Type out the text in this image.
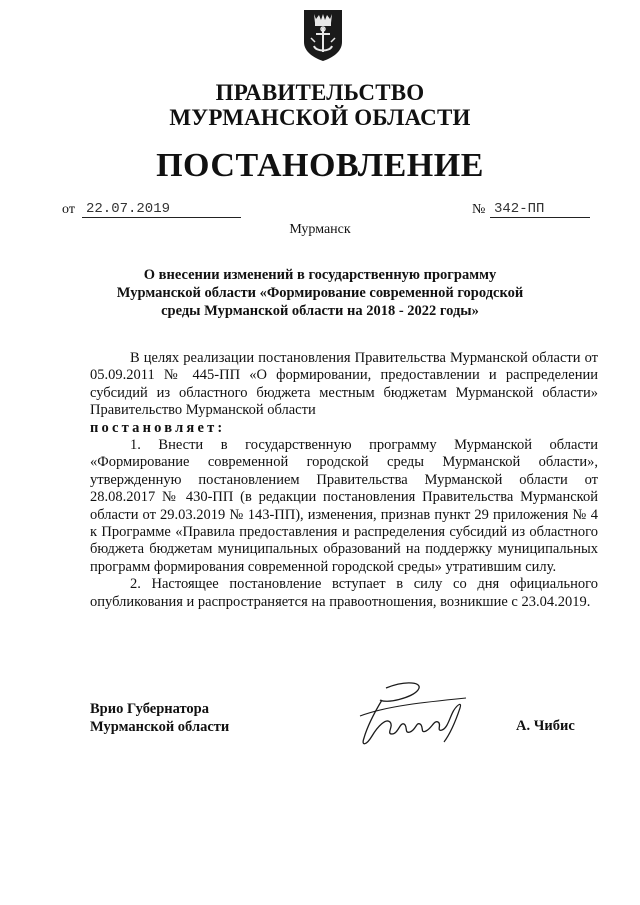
ПРАВИТЕЛЬСТВО
МУРМАНСКОЙ ОБЛАСТИ
ПОСТАНОВЛЕНИЕ
от 22.07.2019	№ 342-ПП
Мурманск
О внесении изменений в государственную программу Мурманской области «Формирование современной городской среды Мурманской области на 2018 - 2022 годы»

В целях реализации постановления Правительства Мурманской области от 05.09.2011 № 445-ПП «О формировании, предоставлении и распределении субсидий из областного бюджета местным бюджетам Мурманской области» Правительство Мурманской области
постановляет:

1. Внести в государственную программу Мурманской области «Формирование современной городской среды Мурманской области», утвержденную постановлением Правительства Мурманской области от 28.08.2017 № 430-ПП (в редакции постановления Правительства Мурманской области от 29.03.2019 № 143-ПП), изменения, признав пункт 29 приложения № 4 к Программе «Правила предоставления и распределения субсидий из областного бюджета бюджетам муниципальных образований на поддержку муниципальных программ формирования современной городской среды» утратившим силу.

2. Настоящее постановление вступает в силу со дня официального опубликования и распространяется на правоотношения, возникшие с 23.04.2019.

Врио Губернатора
Мурманской области	А. Чибис
